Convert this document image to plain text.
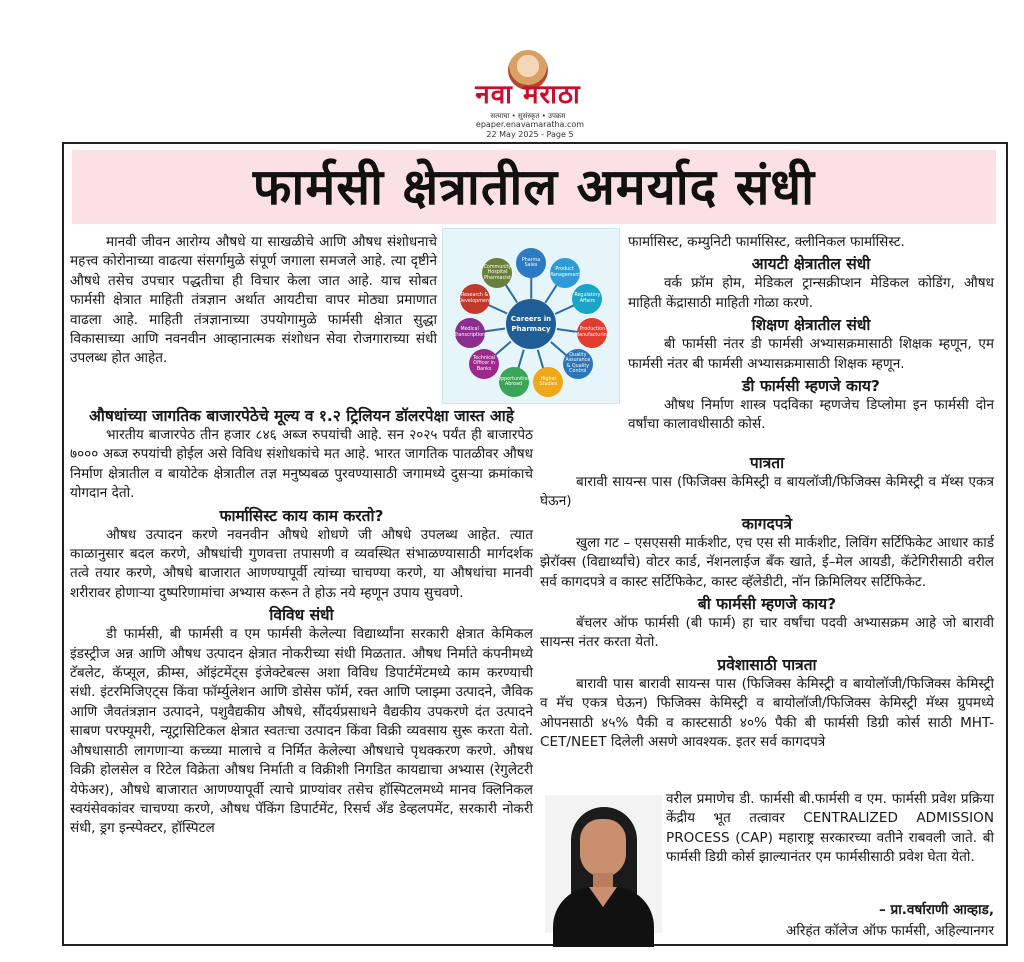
नवा मराठा
सत्याचा • सुसंस्कृत • उपक्रम
epaper.enavamaratha.com
22 May 2025 - Page 5
फार्मसी क्षेत्रातील अमर्याद संधी
Careers in Pharmacy
Pharma Sales
Product Management
Regulatory Affairs
Production Manufacturing
Quality Assurance & Quality Control
Higher Studies
Opportunities Abroad
Technical Officer in Banks
Medical Transcription
Research & Development
Community Hospital Pharmacist

मानवी जीवन आरोग्य औषधे या साखळीचे आणि औषध संशोधनाचे महत्त्व कोरोनाच्या वाढत्या संसर्गामुळे संपूर्ण जगाला समजले आहे. त्या दृष्टीने औषधे तसेच उपचार पद्धतीचा ही विचार केला जात आहे. याच सोबत फार्मसी क्षेत्रात माहिती तंत्रज्ञान अर्थात आयटीचा वापर मोठ्या प्रमाणात वाढला आहे. माहिती तंत्रज्ञानाच्या उपयोगामुळे फार्मसी क्षेत्रात सुद्धा विकासाच्या आणि नवनवीन आव्हानात्मक संशोधन सेवा रोजगाराच्या संधी उपलब्ध होत आहेत.

औषधांच्या जागतिक बाजारपेठेचे मूल्य व १.२ ट्रिलियन डॉलरपेक्षा जास्त आहे

भारतीय बाजारपेठ तीन हजार ८४६ अब्ज रुपयांची आहे. सन २०२५ पर्यंत ही बाजारपेठ ७००० अब्ज रुपयांची होईल असे विविध संशोधकांचे मत आहे. भारत जागतिक पातळीवर औषध निर्माण क्षेत्रातील व बायोटेक क्षेत्रातील तज्ञ मनुष्यबळ पुरवण्यासाठी जगामध्ये दुसऱ्या क्रमांकाचे योगदान देतो.

फार्मासिस्ट काय काम करतो?

औषध उत्पादन करणे नवनवीन औषधे शोधणे जी औषधे उपलब्ध आहेत. त्यात काळानुसार बदल करणे, औषधांची गुणवत्ता तपासणी व व्यवस्थित संभाळण्यासाठी मार्गदर्शक तत्वे तयार करणे, औषधे बाजारात आणण्यापूर्वी त्यांच्या चाचण्या करणे, या औषधांचा मानवी शरीरावर होणाऱ्या दुष्परिणामांचा अभ्यास करून ते होऊ नये म्हणून उपाय सुचवणे.

विविध संधी

डी फार्मसी, बी फार्मसी व एम फार्मसी केलेल्या विद्यार्थ्यांना सरकारी क्षेत्रात केमिकल इंडस्ट्रीज अन्न आणि औषध उत्पादन क्षेत्रात नोकरीच्या संधी मिळतात. औषध निर्माते कंपनीमध्ये टॅबलेट, कॅप्सूल, क्रीम्स, ऑइंटमेंट्स इंजेक्टेबल्स अशा विविध डिपार्टमेंटमध्ये काम करण्याची संधी. इंटरमिजिएट्स किंवा फॉर्म्युलेशन आणि डोसेस फॉर्म, रक्त आणि प्लाझ्मा उत्पादने, जैविक आणि जैवतंत्रज्ञान उत्पादने, पशुवैद्यकीय औषधे, सौंदर्यप्रसाधने वैद्यकीय उपकरणे दंत उत्पादने साबण परफ्यूमरी, न्यूट्रासिटिकल क्षेत्रात स्वतःचा उत्पादन किंवा विक्री व्यवसाय सुरू करता येतो. औषधासाठी लागणाऱ्या कच्च्या मालाचे व निर्मित केलेल्या औषधाचे पृथक्करण करणे. औषध विक्री होलसेल व रिटेल विक्रेता औषध निर्माती व विक्रीशी निगडित कायद्याचा अभ्यास (रेगुलेटरी येफेअर), औषधे बाजारात आणण्यापूर्वी त्याचे प्राण्यांवर तसेच हॉस्पिटलमध्ये मानव क्लिनिकल स्वयंसेवकांवर चाचण्या करणे, औषध पॅकिंग डिपार्टमेंट, रिसर्च अँड डेव्हलपमेंट, सरकारी नोकरी संधी, ड्रग इन्स्पेक्टर, हॉस्पिटल

फार्मासिस्ट, कम्युनिटी फार्मासिस्ट, क्लीनिकल फार्मासिस्ट.
आयटी क्षेत्रातील संधी

वर्क फ्रॉम होम, मेडिकल ट्रान्सक्रीप्शन मेडिकल कोडिंग, औषध माहिती केंद्रासाठी माहिती गोळा करणे.

शिक्षण क्षेत्रातील संधी

बी फार्मसी नंतर डी फार्मसी अभ्यासक्रमासाठी शिक्षक म्हणून, एम फार्मसी नंतर बी फार्मसी अभ्यासक्रमासाठी शिक्षक म्हणून.

डी फार्मसी म्हणजे काय?

औषध निर्माण शास्त्र पदविका म्हणजेच डिप्लोमा इन फार्मसी दोन वर्षांचा कालावधीसाठी कोर्स.

पात्रता

बारावी सायन्स पास (फिजिक्स केमिस्ट्री व बायलॉजी/फिजिक्स केमिस्ट्री व मॅथ्स एकत्र घेऊन)

कागदपत्रे

खुला गट – एसएससी मार्कशीट, एच एस सी मार्कशीट, लिविंग सर्टिफिकेट आधार कार्ड झेरॉक्स (विद्यार्थ्यांचे) वोटर कार्ड, नॅशनलाईज बँक खाते, ई–मेल आयडी, कॅटेगिरीसाठी वरील सर्व कागदपत्रे व कास्ट सर्टिफिकेट, कास्ट व्हॅलेडीटी, नॉन क्रिमिलियर सर्टिफिकेट.

बी फार्मसी म्हणजे काय?

बॅचलर ऑफ फार्मसी (बी फार्म) हा चार वर्षांचा पदवी अभ्यासक्रम आहे जो बारावी सायन्स नंतर करता येतो.

प्रवेशासाठी पात्रता

बारावी पास बारावी सायन्स पास (फिजिक्स केमिस्ट्री व बायोलॉजी/फिजिक्स केमिस्ट्री व मॅच एकत्र घेऊन) फिजिक्स केमिस्ट्री व बायोलॉजी/फिजिक्स केमिस्ट्री मॅथ्स ग्रुपमध्ये ओपनसाठी ४५% पैकी व कास्टसाठी ४०% पैकी बी फार्मसी डिग्री कोर्स साठी MHT-CET/NEET दिलेली असणे आवश्यक. इतर सर्व कागदपत्रे

वरील प्रमाणेच डी. फार्मसी बी.फार्मसी व एम. फार्मसी प्रवेश प्रक्रिया केंद्रीय भूत तत्वावर CENTRALIZED ADMISSION PROCESS (CAP) महाराष्ट्र सरकारच्या वतीने राबवली जाते. बी फार्मसी डिग्री कोर्स झाल्यानंतर एम फार्मसीसाठी प्रवेश घेता येतो.
– प्रा.वर्षाराणी आव्हाड,
अरिहंत कॉलेज ऑफ फार्मसी, अहिल्यानगर
